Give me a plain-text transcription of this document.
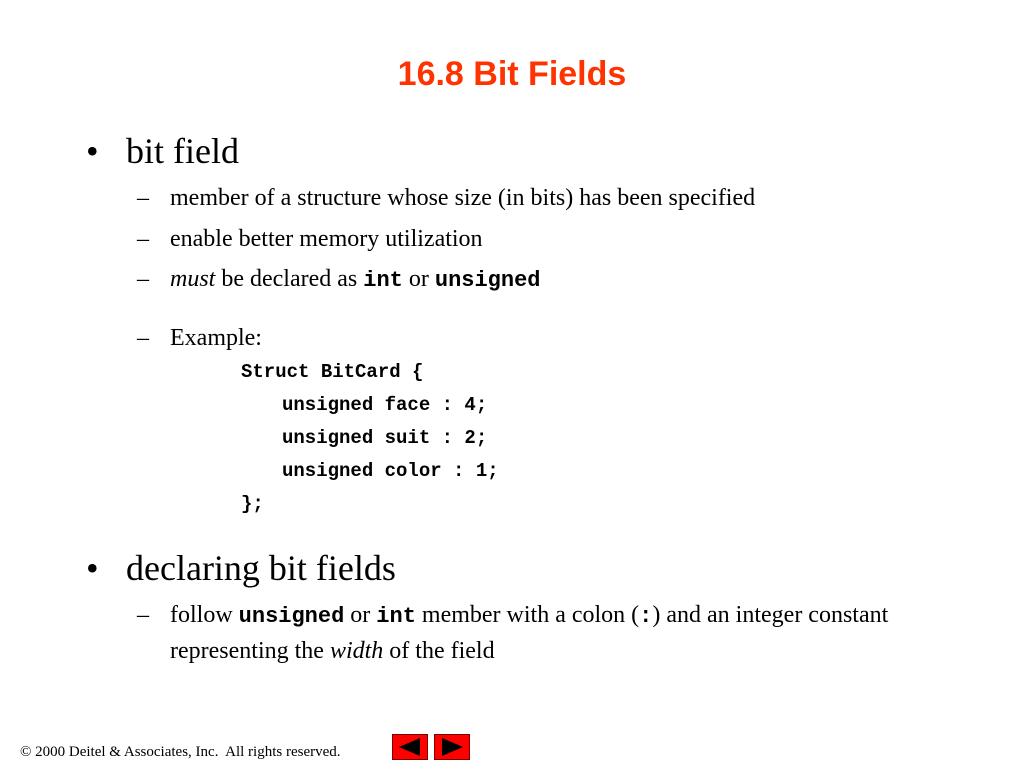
16.8 Bit Fields
• bit field
– member of a structure whose size (in bits) has been specified
– enable better memory utilization
– must be declared as int or unsigned
– Example:
Struct BitCard {
unsigned face : 4;
unsigned suit : 2;
unsigned color : 1;
};
• declaring bit fields
– follow unsigned or int member with a colon (:) and an integer constant representing the width of the field
© 2000 Deitel & Associates, Inc.  All rights reserved.
